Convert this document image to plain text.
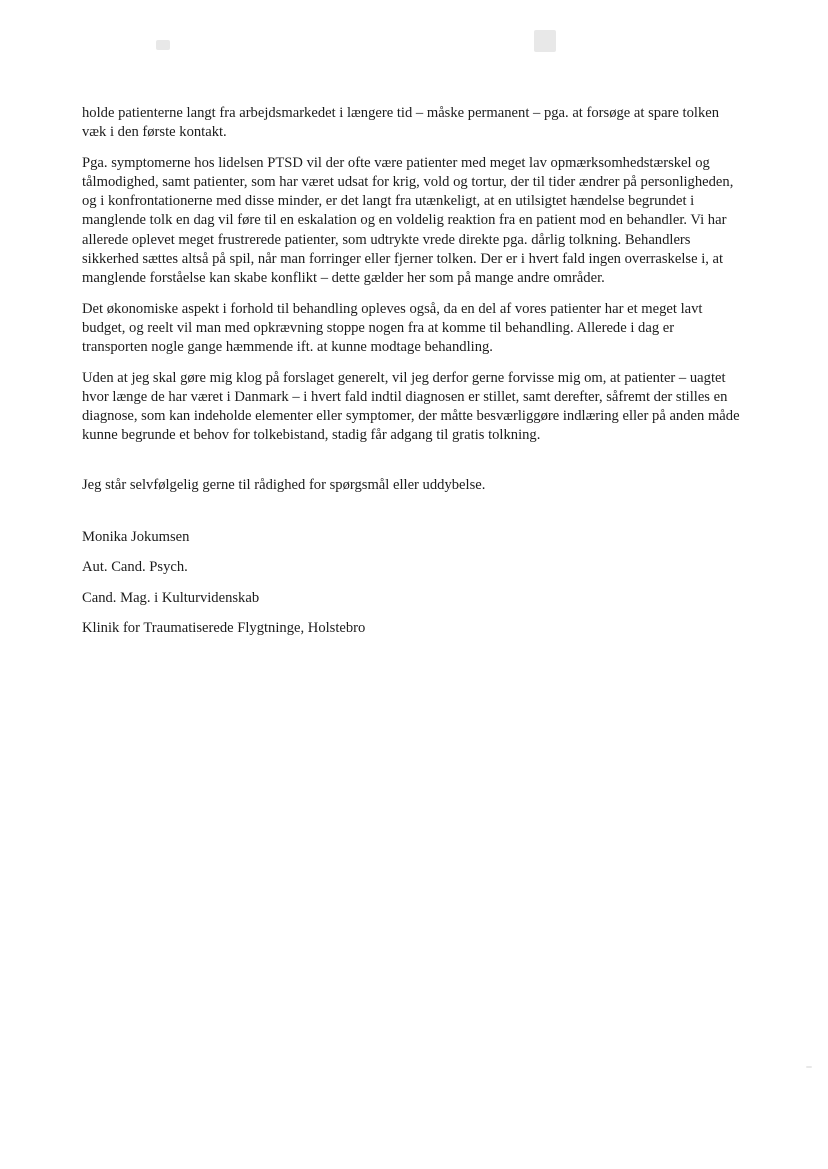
holde patienterne langt fra arbejdsmarkedet i længere tid – måske permanent – pga. at forsøge at spare tolken væk i den første kontakt.

Pga. symptomerne hos lidelsen PTSD vil der ofte være patienter med meget lav opmærksomhedstærskel og tålmodighed, samt patienter, som har været udsat for krig, vold og tortur, der til tider ændrer på personligheden, og i konfrontationerne med disse minder, er det langt fra utænkeligt, at en utilsigtet hændelse begrundet i manglende tolk en dag vil føre til en eskalation og en voldelig reaktion fra en patient mod en behandler. Vi har allerede oplevet meget frustrerede patienter, som udtrykte vrede direkte pga. dårlig tolkning. Behandlers sikkerhed sættes altså på spil, når man forringer eller fjerner tolken. Der er i hvert fald ingen overraskelse i, at manglende forståelse kan skabe konflikt – dette gælder her som på mange andre områder.

Det økonomiske aspekt i forhold til behandling opleves også, da en del af vores patienter har et meget lavt budget, og reelt vil man med opkrævning stoppe nogen fra at komme til behandling. Allerede i dag er transporten nogle gange hæmmende ift. at kunne modtage behandling.

Uden at jeg skal gøre mig klog på forslaget generelt, vil jeg derfor gerne forvisse mig om, at patienter – uagtet hvor længe de har været i Danmark – i hvert fald indtil diagnosen er stillet, samt derefter, såfremt der stilles en diagnose, som kan indeholde elementer eller symptomer, der måtte besværliggøre indlæring eller på anden måde kunne begrunde et behov for tolkebistand, stadig får adgang til gratis tolkning.

Jeg står selvfølgelig gerne til rådighed for spørgsmål eller uddybelse.

Monika Jokumsen

Aut. Cand. Psych.

Cand. Mag. i Kulturvidenskab

Klinik for Traumatiserede Flygtninge, Holstebro
